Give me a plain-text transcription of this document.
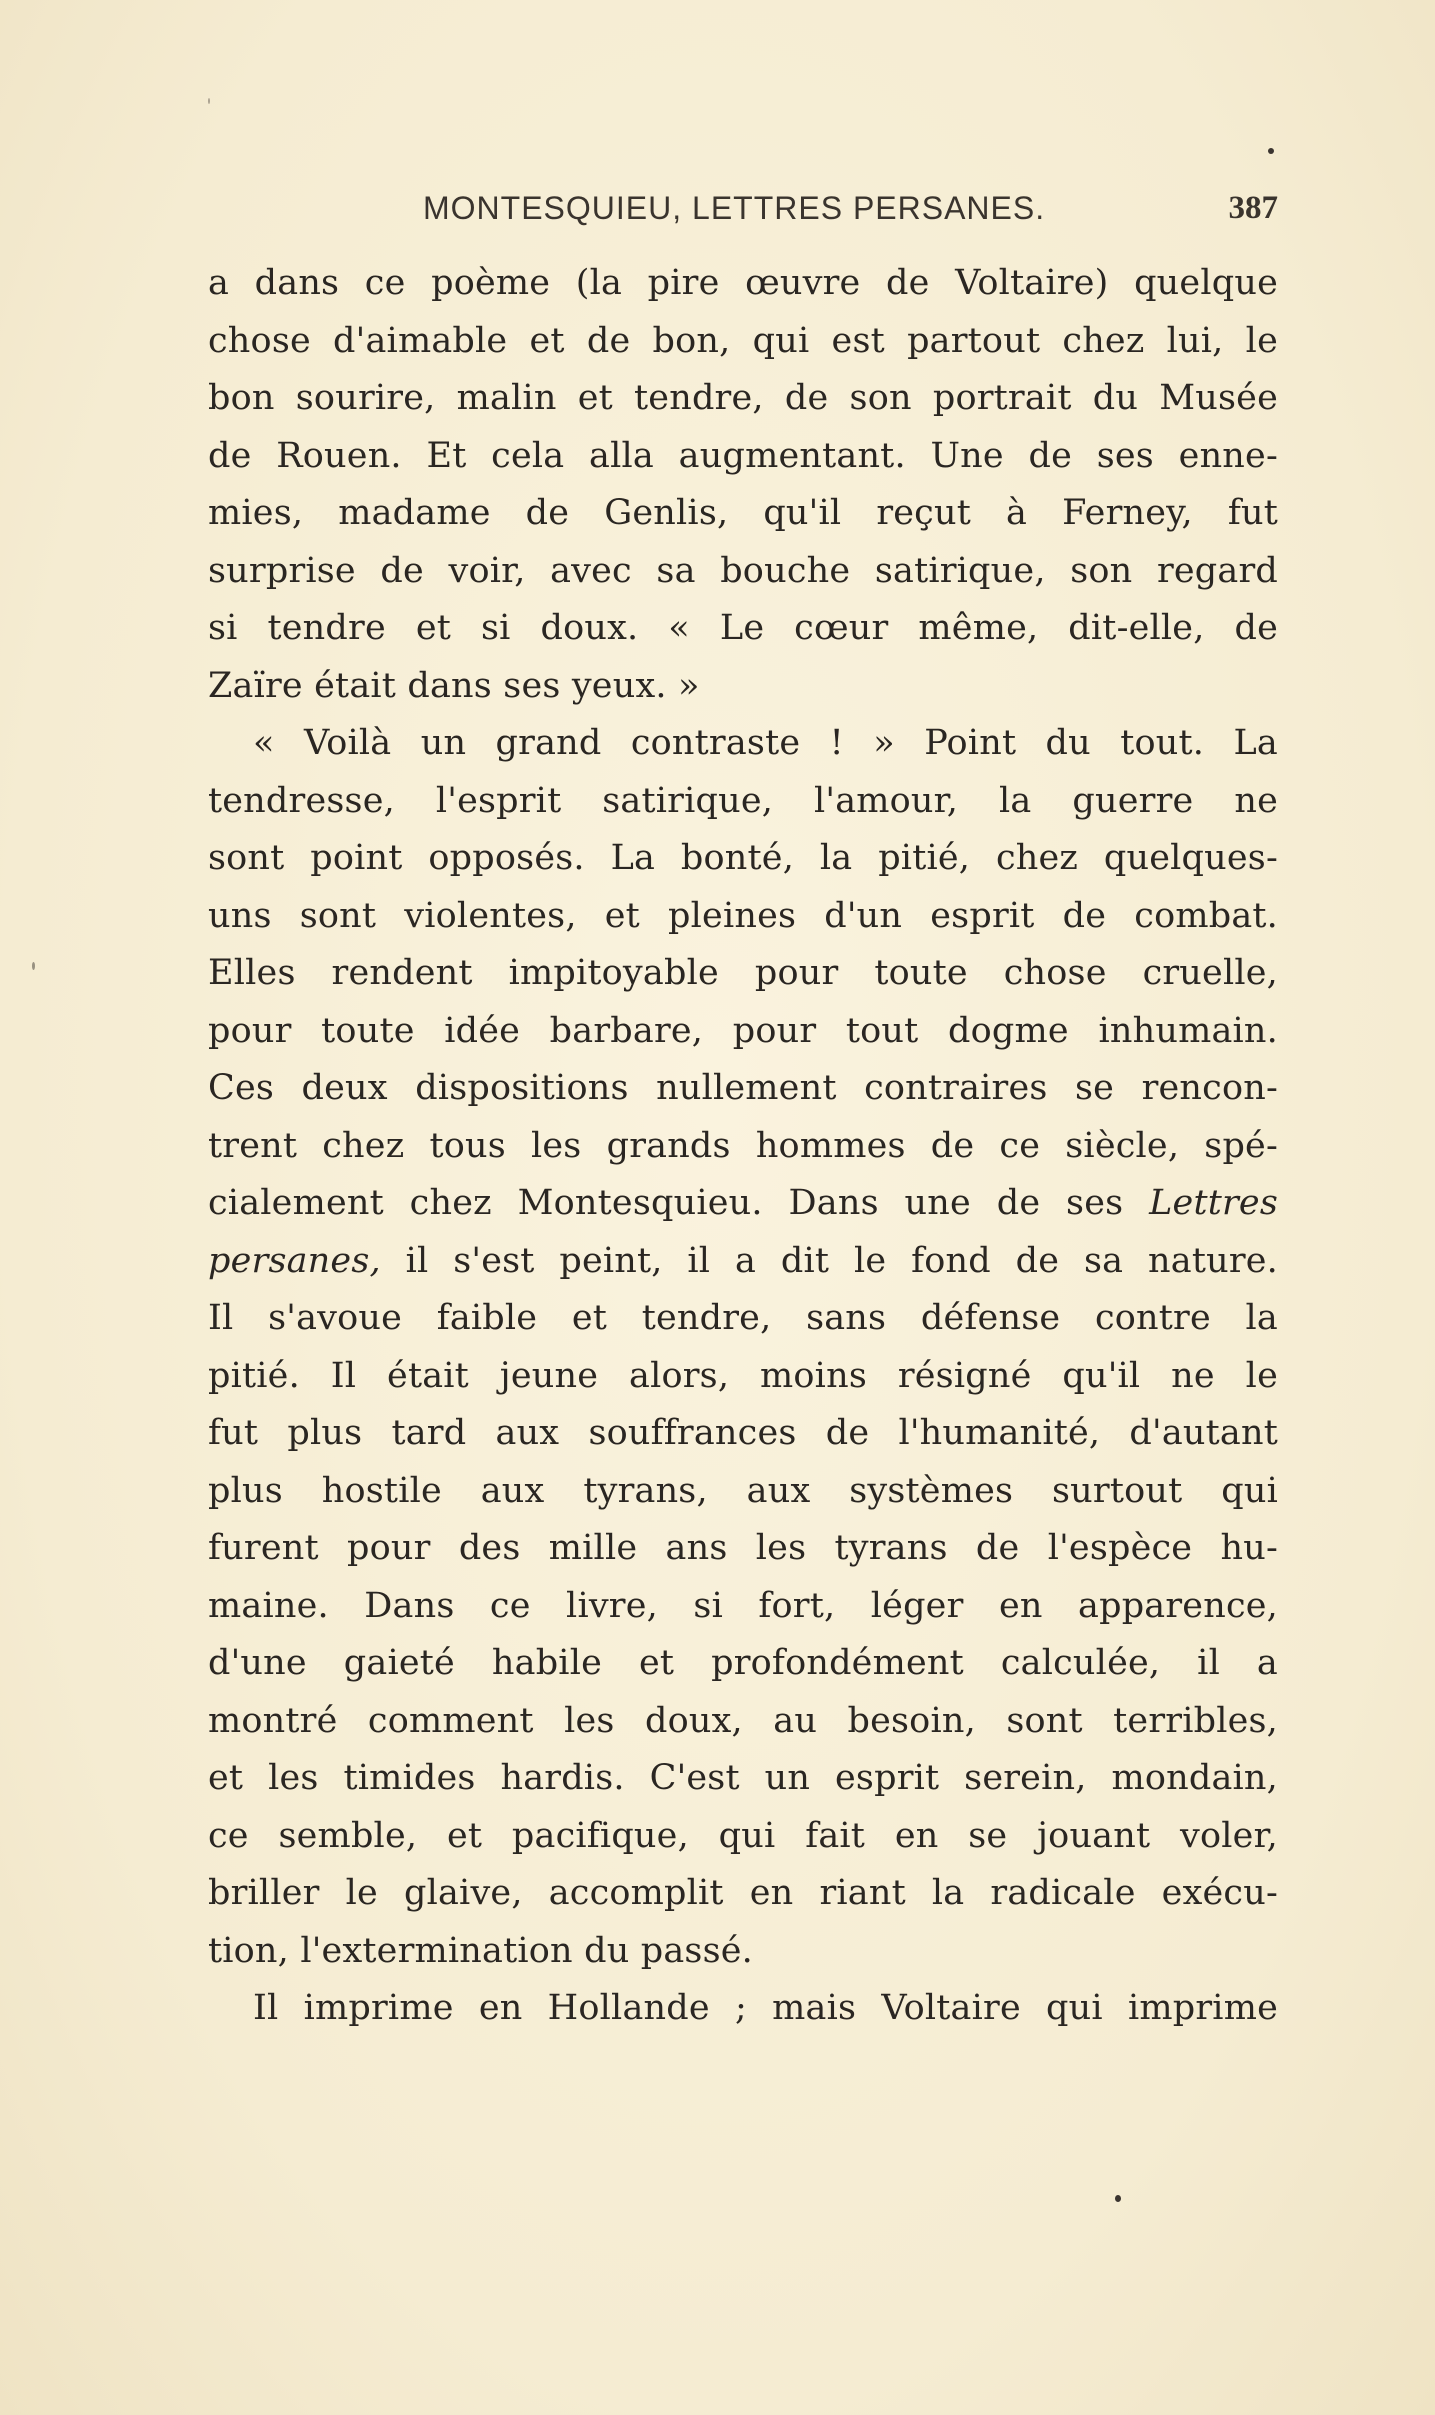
MONTESQUIEU, LETTRES PERSANES.	387
a dans ce poème (la pire œuvre de Voltaire) quelque
chose d'aimable et de bon, qui est partout chez lui, le
bon sourire, malin et tendre, de son portrait du Musée
de Rouen. Et cela alla augmentant. Une de ses enne-
mies, madame de Genlis, qu'il reçut à Ferney, fut
surprise de voir, avec sa bouche satirique, son regard
si tendre et si doux. « Le cœur même, dit-elle, de
Zaïre était dans ses yeux. »
« Voilà un grand contraste ! » Point du tout. La
tendresse, l'esprit satirique, l'amour, la guerre ne
sont point opposés. La bonté, la pitié, chez quelques-
uns sont violentes, et pleines d'un esprit de combat.
Elles rendent impitoyable pour toute chose cruelle,
pour toute idée barbare, pour tout dogme inhumain.
Ces deux dispositions nullement contraires se rencon-
trent chez tous les grands hommes de ce siècle, spé-
cialement chez Montesquieu. Dans une de ses Lettres
persanes, il s'est peint, il a dit le fond de sa nature.
Il s'avoue faible et tendre, sans défense contre la
pitié. Il était jeune alors, moins résigné qu'il ne le
fut plus tard aux souffrances de l'humanité, d'autant
plus hostile aux tyrans, aux systèmes surtout qui
furent pour des mille ans les tyrans de l'espèce hu-
maine. Dans ce livre, si fort, léger en apparence,
d'une gaieté habile et profondément calculée, il a
montré comment les doux, au besoin, sont terribles,
et les timides hardis. C'est un esprit serein, mondain,
ce semble, et pacifique, qui fait en se jouant voler,
briller le glaive, accomplit en riant la radicale exécu-
tion, l'extermination du passé.
Il imprime en Hollande ; mais Voltaire qui imprime
